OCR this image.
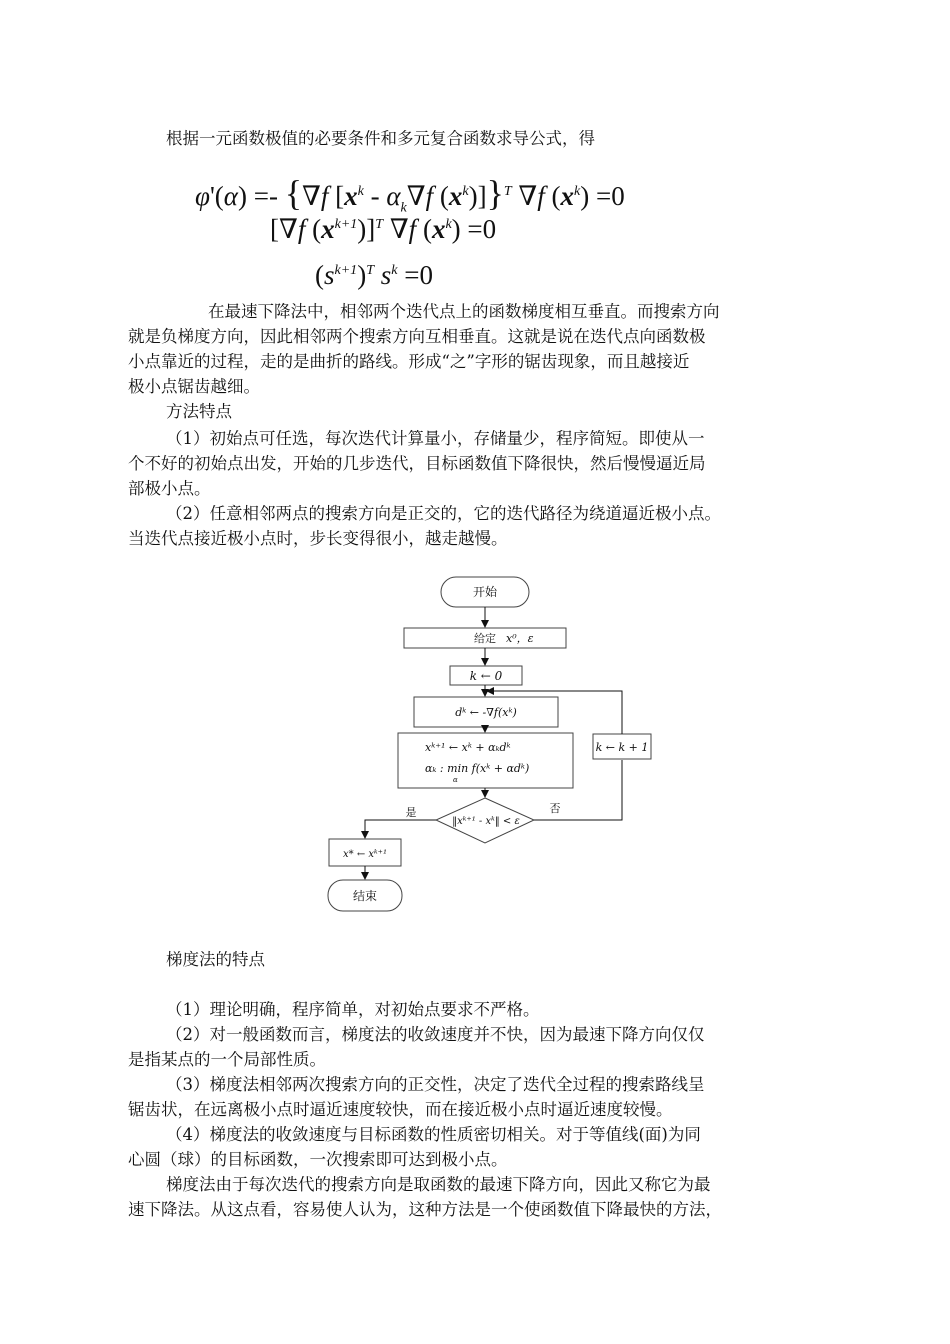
根据一元函数极值的必要条件和多元复合函数求导公式，得
φ'(α) =- {∇f [$x^k - \alpha_k\nabla f$ $(x^k)]\}^T$ ∇f $(x^k) =0$
[∇f $(x^{k+1})]^T$ ∇f $(x^k) =0$
$(s^{k+1})^T$ $s^k =0$
在最速下降法中，相邻两个迭代点上的函数梯度相互垂直。而搜索方向
就是负梯度方向，因此相邻两个搜索方向互相垂直。这就是说在迭代点向函数极
小点靠近的过程，走的是曲折的路线。形成“之”字形的锯齿现象，而且越接近
极小点锯齿越细。
方法特点
（1）初始点可任选，每次迭代计算量小，存储量少，程序简短。即使从一
个不好的初始点出发，开始的几步迭代，目标函数值下降很快，然后慢慢逼近局
部极小点。
（2）任意相邻两点的搜索方向是正交的，它的迭代路径为绕道逼近极小点。
当迭代点接近极小点时，步长变得很小，越走越慢。
开始
给定 x⁰，ε
k ← 0
dᵏ ← -∇f(xᵏ)
xᵏ⁺¹ ← xᵏ + αₖdᵏ
αₖ : min f(xᵏ + αdᵏ)
α
‖xᵏ⁺¹ - xᵏ‖ < ε
是	否
k ← k + 1
x* ← xᵏ⁺¹
结束
梯度法的特点
（1）理论明确，程序简单，对初始点要求不严格。
（2）对一般函数而言，梯度法的收敛速度并不快，因为最速下降方向仅仅
是指某点的一个局部性质。
（3）梯度法相邻两次搜索方向的正交性，决定了迭代全过程的搜索路线呈
锯齿状，在远离极小点时逼近速度较快，而在接近极小点时逼近速度较慢。
（4）梯度法的收敛速度与目标函数的性质密切相关。对于等值线(面)为同
心圆（球）的目标函数，一次搜索即可达到极小点。
梯度法由于每次迭代的搜索方向是取函数的最速下降方向，因此又称它为最
速下降法。从这点看，容易使人认为，这种方法是一个使函数值下降最快的方法，
